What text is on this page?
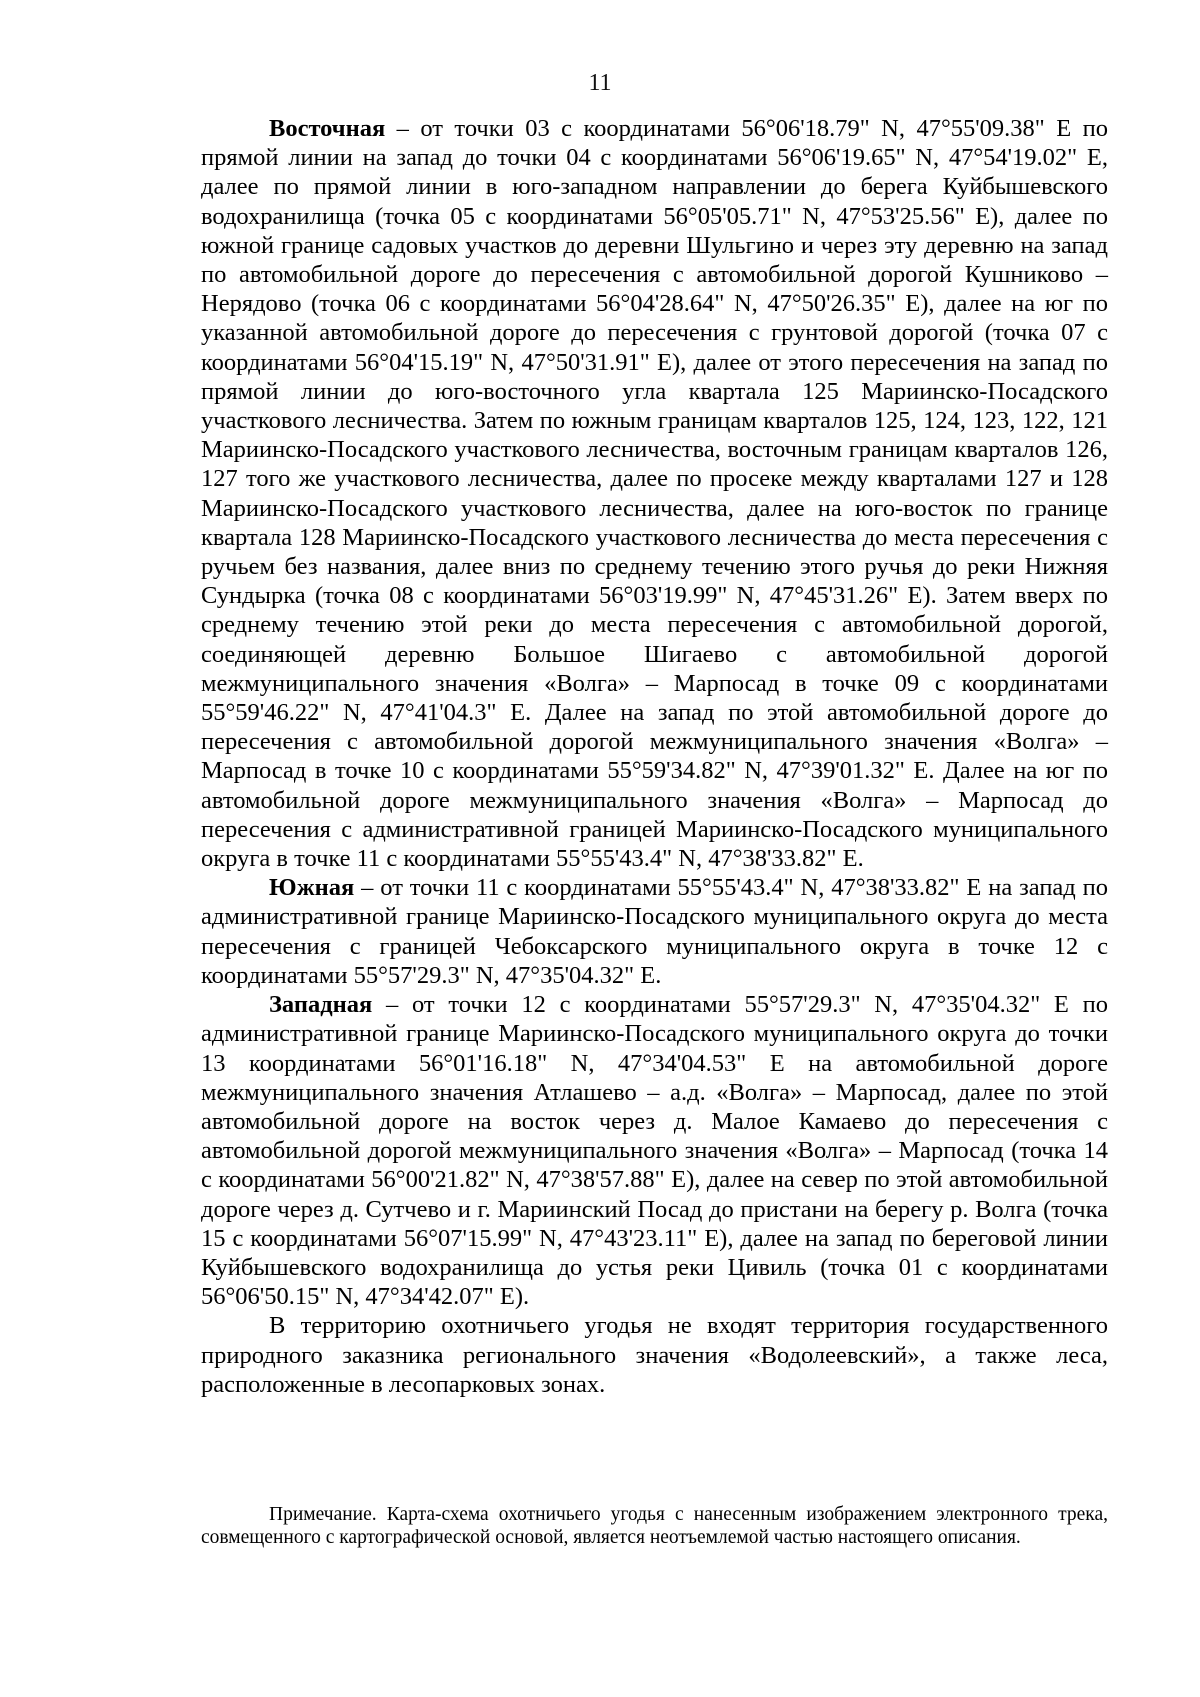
11

Восточная – от точки 03 с координатами 56°06'18.79" N, 47°55'09.38" Е по прямой линии на запад до точки 04 с координатами 56°06'19.65" N, 47°54'19.02" Е, далее по прямой линии в юго-западном направлении до берега Куйбышевского водохранилища (точка 05 с координатами 56°05'05.71" N, 47°53'25.56" Е), далее по южной границе садовых участков до деревни Шульгино и через эту деревню на запад по автомобильной дороге до пересечения с автомобильной дорогой Кушниково – Нерядово (точка 06 с координатами 56°04'28.64" N, 47°50'26.35" Е), далее на юг по указанной автомобильной дороге до пересечения с грунтовой дорогой (точка 07 с координатами 56°04'15.19" N, 47°50'31.91" Е), далее от этого пересечения на запад по прямой линии до юго-восточного угла квартала 125 Мариинско-Посадского участкового лесничества. Затем по южным границам кварталов 125, 124, 123, 122, 121 Мариинско-Посадского участкового лесничества, восточным границам кварталов 126, 127 того же участкового лесничества, далее по просеке между кварталами 127 и 128 Мариинско-Посадского участкового лесничества, далее на юго-восток по границе квартала 128 Мариинско-Посадского участкового лесничества до места пересечения с ручьем без названия, далее вниз по среднему течению этого ручья до реки Нижняя Сундырка (точка 08 с координатами 56°03'19.99" N, 47°45'31.26" Е). Затем вверх по среднему течению этой реки до места пересечения с автомобильной дорогой, соединяющей деревню Большое Шигаево с автомобильной дорогой межмуниципального значения «Волга» – Марпосад в точке 09 с координатами 55°59'46.22" N, 47°41'04.3" Е. Далее на запад по этой автомобильной дороге до пересечения с автомобильной дорогой межмуниципального значения «Волга» – Марпосад в точке 10 с координатами 55°59'34.82" N, 47°39'01.32" Е. Далее на юг по автомобильной дороге межмуниципального значения «Волга» – Марпосад до пересечения с административной границей Мариинско-Посадского муниципального округа в точке 11 с координатами 55°55'43.4" N, 47°38'33.82" Е.

Южная – от точки 11 с координатами 55°55'43.4" N, 47°38'33.82" Е на запад по административной границе Мариинско-Посадского муниципального округа до места пересечения с границей Чебоксарского муниципального округа в точке 12 с координатами 55°57'29.3" N, 47°35'04.32" Е.

Западная – от точки 12 с координатами 55°57'29.3" N, 47°35'04.32" Е по административной границе Мариинско-Посадского муниципального округа до точки 13 координатами 56°01'16.18" N, 47°34'04.53" Е на автомобильной дороге межмуниципального значения Атлашево – а.д. «Волга» – Марпосад, далее по этой автомобильной дороге на восток через д. Малое Камаево до пересечения с автомобильной дорогой межмуниципального значения «Волга» – Марпосад (точка 14 с координатами 56°00'21.82" N, 47°38'57.88" Е), далее на север по этой автомобильной дороге через д. Сутчево и г. Мариинский Посад до пристани на берегу р. Волга (точка 15 с координатами 56°07'15.99" N, 47°43'23.11" Е), далее на запад по береговой линии Куйбышевского водохранилища до устья реки Цивиль (точка 01 с координатами 56°06'50.15" N, 47°34'42.07" Е).

В территорию охотничьего угодья не входят территория государственного природного заказника регионального значения «Водолеевский», а также леса, расположенные в лесопарковых зонах.

Примечание. Карта-схема охотничьего угодья с нанесенным изображением электронного трека, совмещенного с картографической основой, является неотъемлемой частью настоящего описания.
